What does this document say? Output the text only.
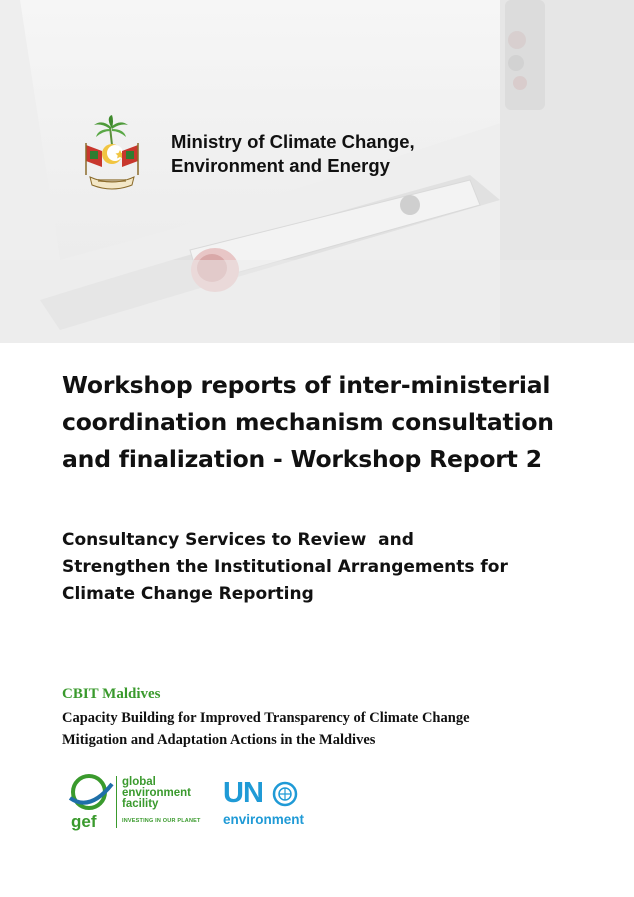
Ministry of Climate Change,
Environment and Energy
Workshop reports of inter-ministerial
coordination mechanism consultation
and finalization - Workshop Report 2
Consultancy Services to Review  and
Strengthen the Institutional Arrangements for
Climate Change Reporting
CBIT Maldives
Capacity Building for Improved Transparency of Climate Change
Mitigation and Adaptation Actions in the Maldives
gef
global
environment
facility
INVESTING IN OUR PLANET
UN
environment
